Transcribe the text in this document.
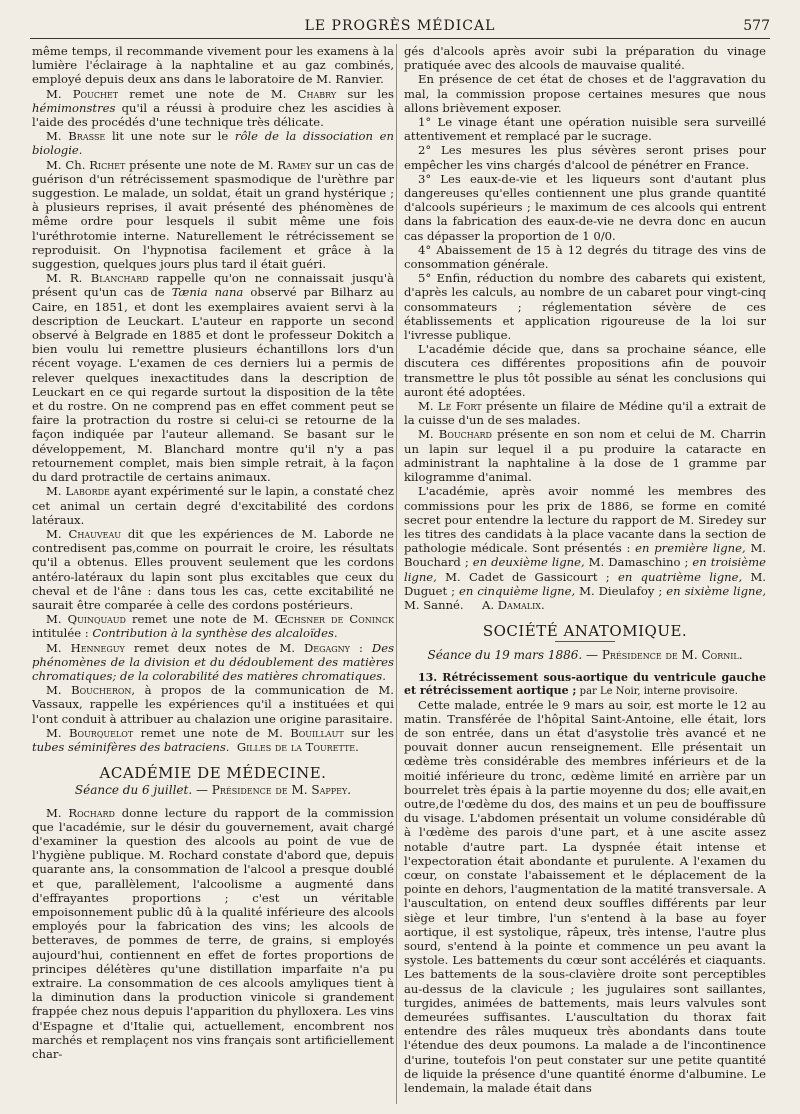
LE PROGRÈS MÉDICAL	577

même temps, il recommande vivement pour les examens à la lumière l'éclairage à la naphtaline et au gaz combinés, employé depuis deux ans dans le laboratoire de M. Ranvier.

M. Pouchet remet une note de M. Chabry sur les hémimonstres qu'il a réussi à produire chez les ascidies à l'aide des procédés d'une technique très délicate.

M. Brasse lit une note sur le rôle de la dissociation en biologie.

M. Ch. Richet présente une note de M. Ramey sur un cas de guérison d'un rétrécissement spasmodique de l'urèthre par suggestion. Le malade, un soldat, était un grand hystérique ; à plusieurs reprises, il avait présenté des phénomènes de même ordre pour lesquels il subit même une fois l'uréthrotomie interne. Naturellement le rétrécissement se reproduisit. On l'hypnotisa facilement et grâce à la suggestion, quelques jours plus tard il était guéri.

M. R. Blanchard rappelle qu'on ne connaissait jusqu'à présent qu'un cas de Tænia nana observé par Bilharz au Caire, en 1851, et dont les exemplaires avaient servi à la description de Leuckart. L'auteur en rapporte un second observé à Belgrade en 1885 et dont le professeur Dokitch a bien voulu lui remettre plusieurs échantillons lors d'un récent voyage. L'examen de ces derniers lui a permis de relever quelques inexactitudes dans la description de Leuckart en ce qui regarde surtout la disposition de la tête et du rostre. On ne comprend pas en effet comment peut se faire la protraction du rostre si celui-ci se retourne de la façon indiquée par l'auteur allemand. Se basant sur le développement, M. Blanchard montre qu'il n'y a pas retournement complet, mais bien simple retrait, à la façon du dard protractile de certains animaux.

M. Laborde ayant expérimenté sur le lapin, a constaté chez cet animal un certain degré d'excitabilité des cordons latéraux.

M. Chauveau dit que les expériences de M. Laborde ne contredisent pas,comme on pourrait le croire, les résultats qu'il a obtenus. Elles prouvent seulement que les cordons antéro-latéraux du lapin sont plus excitables que ceux du cheval et de l'âne : dans tous les cas, cette excitabilité ne saurait être comparée à celle des cordons postérieurs.

M. Quinquaud remet une note de M. Œchsner de Coninck intitulée : Contribution à la synthèse des alcaloïdes.

M. Henneguy remet deux notes de M. Degagny : Des phénomènes de la division et du dédoublement des matières chromatiques; de la colorabilité des matières chromatiques.

M. Boucheron, à propos de la communication de M. Vassaux, rappelle les expériences qu'il a instituées et qui l'ont conduit à attribuer au chalazion une origine parasitaire.

M. Bourquelot remet une note de M. Bouillaut sur les tubes séminifères des batraciens. Gilles de la Tourette.

ACADÉMIE DE MÉDECINE.
Séance du 6 juillet. — Présidence de M. Sappey.

M. Rochard donne lecture du rapport de la commission que l'académie, sur le désir du gouvernement, avait chargé d'examiner la question des alcools au point de vue de l'hygiène publique. M. Rochard constate d'abord que, depuis quarante ans, la consommation de l'alcool a presque doublé et que, parallèlement, l'alcoolisme a augmenté dans d'effrayantes proportions ; c'est un véritable empoisonnement public dû à la qualité inférieure des alcools employés pour la fabrication des vins; les alcools de betteraves, de pommes de terre, de grains, si employés aujourd'hui, contiennent en effet de fortes proportions de principes délétères qu'une distillation imparfaite n'a pu extraire. La consommation de ces alcools amyliques tient à la diminution dans la production vinicole si grandement frappée chez nous depuis l'apparition du phylloxera. Les vins d'Espagne et d'Italie qui, actuellement, encombrent nos marchés et remplaçent nos vins français sont artificiellement char-

gés d'alcools après avoir subi la préparation du vinage pratiquée avec des alcools de mauvaise qualité.

En présence de cet état de choses et de l'aggravation du mal, la commission propose certaines mesures que nous allons brièvement exposer.

1° Le vinage étant une opération nuisible sera surveillé attentivement et remplacé par le sucrage.

2° Les mesures les plus sévères seront prises pour empêcher les vins chargés d'alcool de pénétrer en France.

3° Les eaux-de-vie et les liqueurs sont d'autant plus dangereuses qu'elles contiennent une plus grande quantité d'alcools supérieurs ; le maximum de ces alcools qui entrent dans la fabrication des eaux-de-vie ne devra donc en aucun cas dépasser la proportion de 1 0/0.

4° Abaissement de 15 à 12 degrés du titrage des vins de consommation générale.

5° Enfin, réduction du nombre des cabarets qui existent, d'après les calculs, au nombre de un cabaret pour vingt-cinq consommateurs ; réglementation sévère de ces établissements et application rigoureuse de la loi sur l'ivresse publique.

L'académie décide que, dans sa prochaine séance, elle discutera ces différentes propositions afin de pouvoir transmettre le plus tôt possible au sénat les conclusions qui auront été adoptées.

M. Le Fort présente un filaire de Médine qu'il a extrait de la cuisse d'un de ses malades.

M. Bouchard présente en son nom et celui de M. Charrin un lapin sur lequel il a pu produire la cataracte en administrant la naphtaline à la dose de 1 gramme par kilogramme d'animal.

L'académie, après avoir nommé les membres des commissions pour les prix de 1886, se forme en comité secret pour entendre la lecture du rapport de M. Siredey sur les titres des candidats à la place vacante dans la section de pathologie médicale. Sont présentés : en première ligne, M. Bouchard ; en deuxième ligne, M. Damaschino ; en troisième ligne, M. Cadet de Gassicourt ; en quatrième ligne, M. Duguet ; en cinquième ligne, M. Dieulafoy ; en sixième ligne, M. Sanné. A. Damalix.

SOCIÉTÉ ANATOMIQUE.
Séance du 19 mars 1886. — Présidence de M. Cornil.

13. Rétrécissement sous-aortique du ventricule gauche et rétrécissement aortique ; par Le Noir, interne provisoire.

Cette malade, entrée le 9 mars au soir, est morte le 12 au matin. Transférée de l'hôpital Saint-Antoine, elle était, lors de son entrée, dans un état d'asystolie très avancé et ne pouvait donner aucun renseignement. Elle présentait un œdème très considérable des membres inférieurs et de la moitié inférieure du tronc, œdème limité en arrière par un bourrelet très épais à la partie moyenne du dos; elle avait,en outre,de l'œdème du dos, des mains et un peu de bouffissure du visage. L'abdomen présentait un volume considérable dû à l'œdème des parois d'une part, et à une ascite assez notable d'autre part. La dyspnée était intense et l'expectoration était abondante et purulente. A l'examen du cœur, on constate l'abaissement et le déplacement de la pointe en dehors, l'augmentation de la matité transversale. A l'auscultation, on entend deux souffles différents par leur siège et leur timbre, l'un s'entend à la base au foyer aortique, il est systolique, râpeux, très intense, l'autre plus sourd, s'entend à la pointe et commence un peu avant la systole. Les battements du cœur sont accélérés et ciaquants. Les battements de la sous-clavière droite sont perceptibles au-dessus de la clavicule ; les jugulaires sont saillantes, turgides, animées de battements, mais leurs valvules sont demeurées suffisantes. L'auscultation du thorax fait entendre des râles muqueux très abondants dans toute l'étendue des deux poumons. La malade a de l'incontinence d'urine, toutefois l'on peut constater sur une petite quantité de liquide la présence d'une quantité énorme d'albumine. Le lendemain, la malade était dans
